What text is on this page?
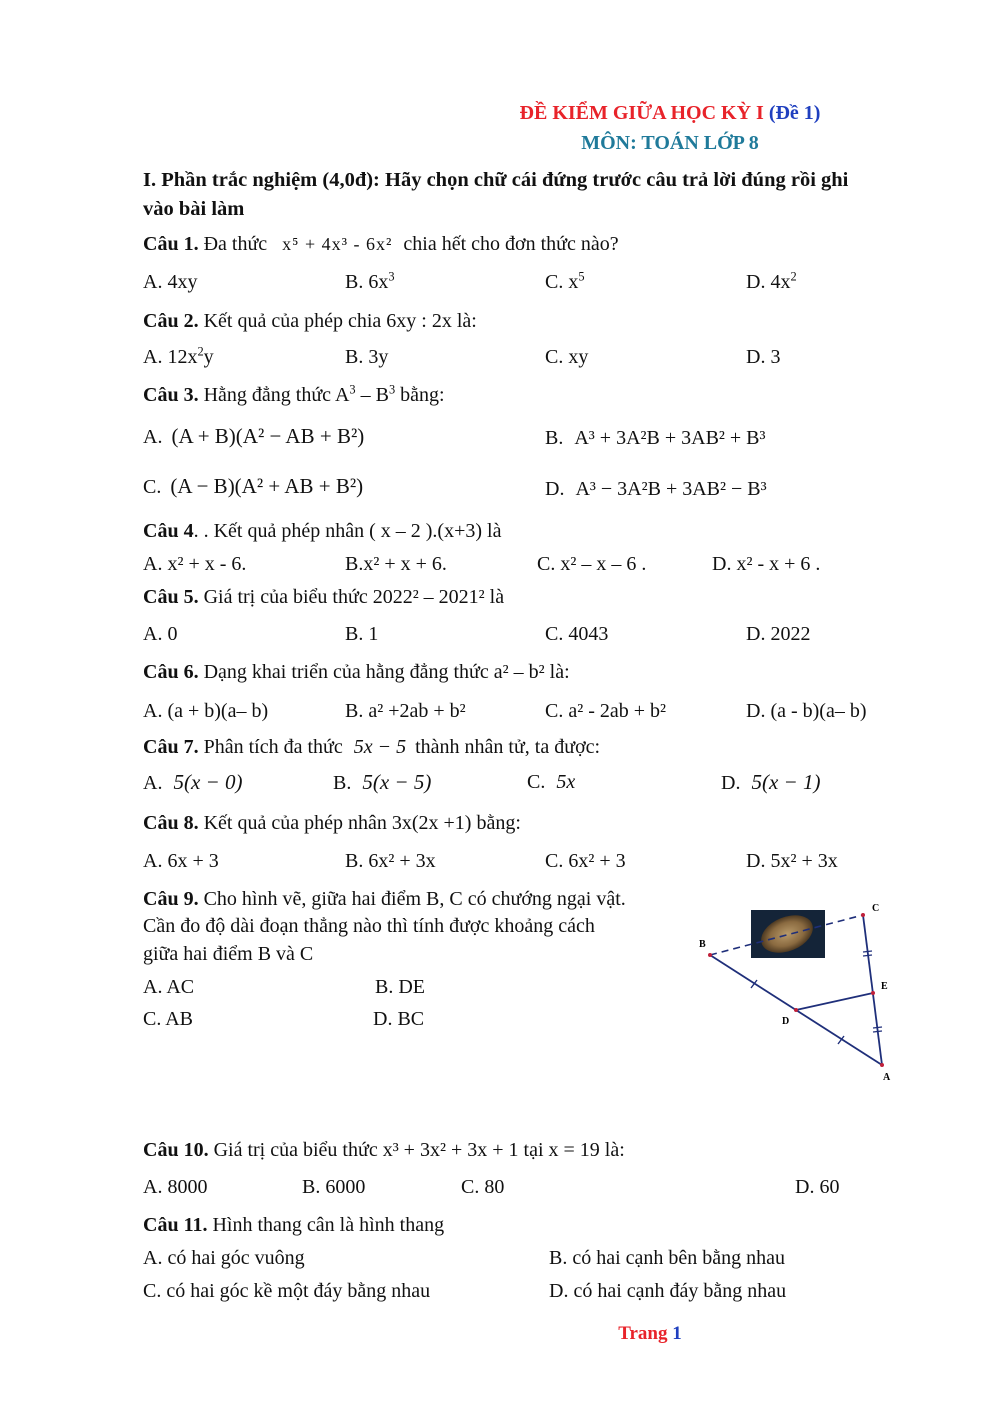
ĐỀ KIỂM GIỮA HỌC KỲ I (Đề 1)
MÔN: TOÁN LỚP 8
I. Phần trắc nghiệm (4,0đ): Hãy chọn chữ cái đứng trước câu trả lời đúng rồi ghi
vào bài làm
Câu 1. Đa thức x⁵ + 4x³ - 6x² chia hết cho đơn thức nào?
A. 4xy	B. $6x^3$	C. $x^5$	D. $4x^2$
Câu 2. Kết quả của phép chia 6xy : 2x là:
A. $12x^2y$	B. 3y	C. xy	D. 3
Câu 3. Hằng đẳng thức $A^3 - B^3$ bằng:
A. (A + B)(A² − AB + B²)	B. A³ + 3A²B + 3AB² + B³
C. (A − B)(A² + AB + B²)	D. A³ − 3A²B + 3AB² − B³
Câu 4. . Kết quả phép nhân ( x – 2 ).(x+3) là
A. x² + x - 6.	B.x² + x + 6.	C. x² – x – 6 .	D. x² - x + 6 .
Câu 5. Giá trị của biểu thức 2022² – 2021² là
A. 0	B. 1	C. 4043	D. 2022
Câu 6. Dạng khai triển của hằng đẳng thức a² – b² là:
A. (a + b)(a– b)	B. a² +2ab + b²	C. a² - 2ab + b²	D. (a - b)(a– b)
Câu 7. Phân tích đa thức 5x − 5 thành nhân tử, ta được:
A. 5(x − 0)	B. 5(x − 5)	C. 5x	D. 5(x − 1)
Câu 8. Kết quả của phép nhân 3x(2x +1) bằng:
A. 6x + 3	B. 6x² + 3x	C. 6x² + 3	D. 5x² + 3x
Câu 9. Cho hình vẽ, giữa hai điểm B, C có chướng ngại vật.
Cần đo độ dài đoạn thẳng nào thì tính được khoảng cách
giữa hai điểm B và C
A. AC	B. DE
C. AB	D. BC
B
C
E
D
A
Câu 10. Giá trị của biểu thức x³ + 3x² + 3x + 1 tại x = 19 là:
A. 8000	B. 6000	C. 80	D. 60
Câu 11. Hình thang cân là hình thang
A. có hai góc vuông	B. có hai cạnh bên bằng nhau
C. có hai góc kề một đáy bằng nhau	D. có hai cạnh đáy bằng nhau
Trang 1
